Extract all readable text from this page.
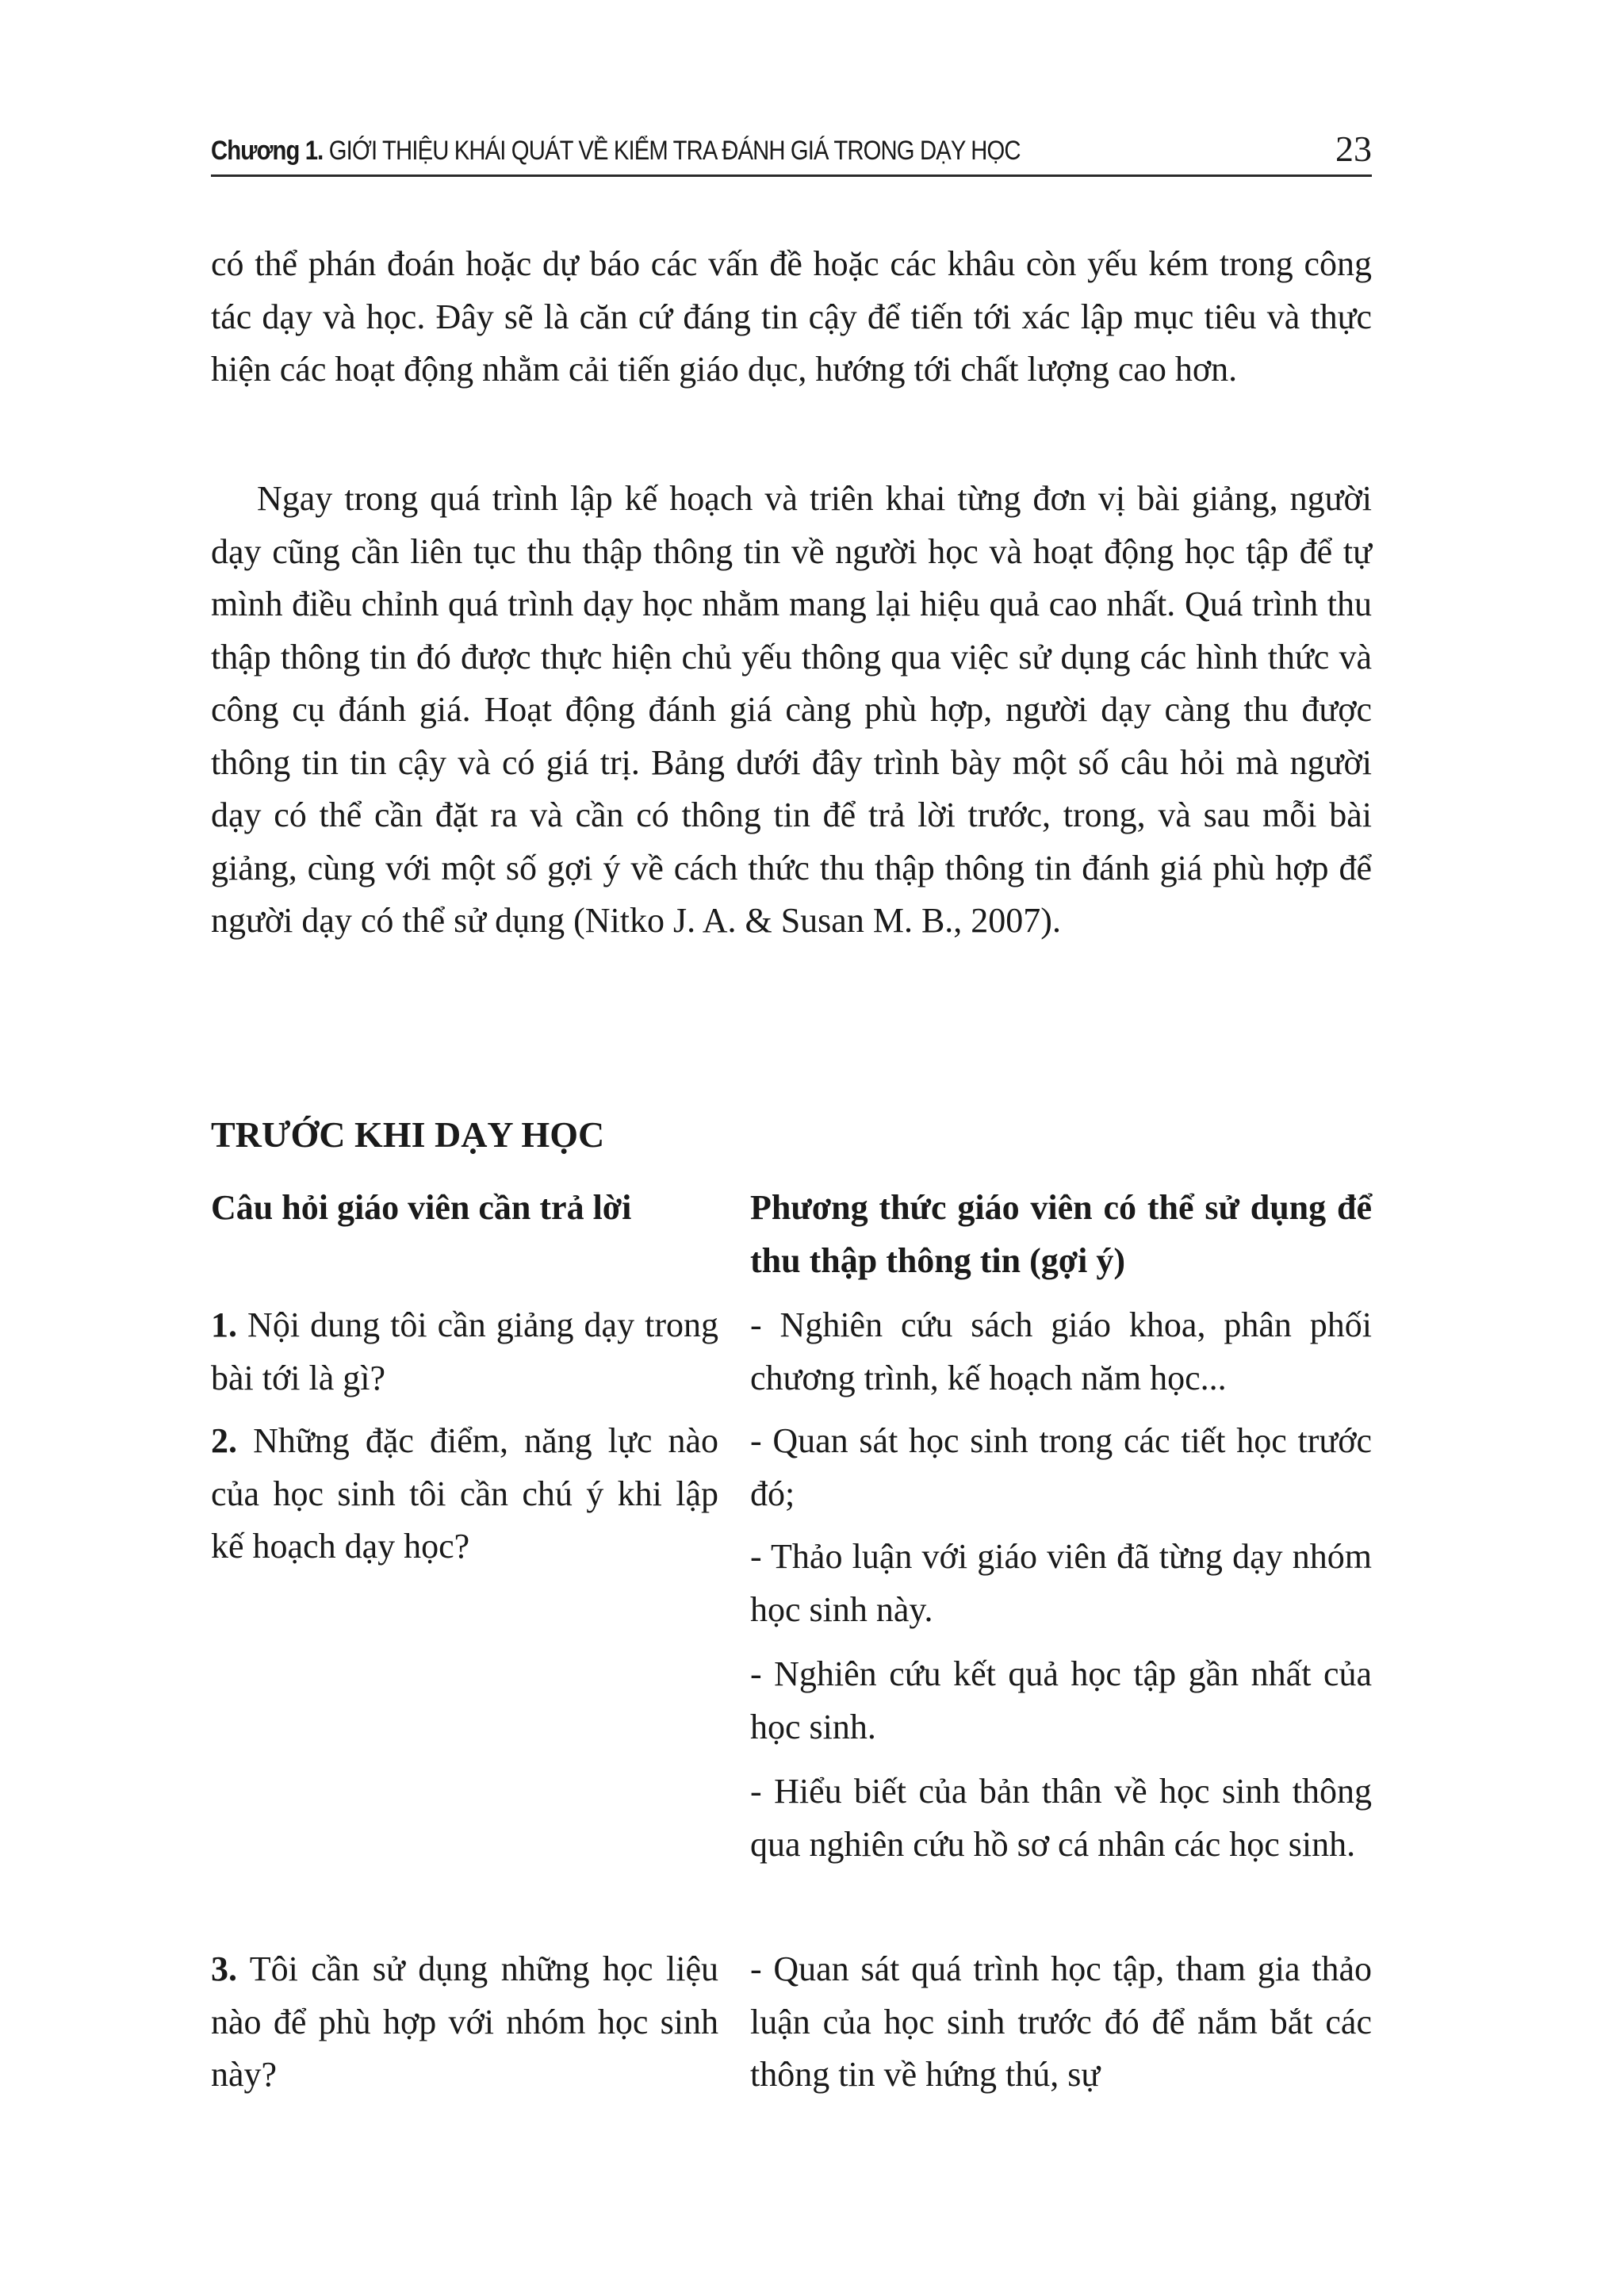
Chương 1. GIỚI THIỆU KHÁI QUÁT VỀ KIỂM TRA ĐÁNH GIÁ TRONG DẠY HỌC	23

có thể phán đoán hoặc dự báo các vấn đề hoặc các khâu còn yếu kém trong công tác dạy và học. Đây sẽ là căn cứ đáng tin cậy để tiến tới xác lập mục tiêu và thực hiện các hoạt động nhằm cải tiến giáo dục, hướng tới chất lượng cao hơn.

Ngay trong quá trình lập kế hoạch và triên khai từng đơn vị bài giảng, người dạy cũng cần liên tục thu thập thông tin về người học và hoạt động học tập để tự mình điều chỉnh quá trình dạy học nhằm mang lại hiệu quả cao nhất. Quá trình thu thập thông tin đó được thực hiện chủ yếu thông qua việc sử dụng các hình thức và công cụ đánh giá. Hoạt động đánh giá càng phù hợp, người dạy càng thu được thông tin tin cậy và có giá trị. Bảng dưới đây trình bày một số câu hỏi mà người dạy có thể cần đặt ra và cần có thông tin để trả lời trước, trong, và sau mỗi bài giảng, cùng với một số gợi ý về cách thức thu thập thông tin đánh giá phù hợp để người dạy có thể sử dụng (Nitko J. A. & Susan M. B., 2007).

TRƯỚC KHI DẠY HỌC
Câu hỏi giáo viên cần trả lời	Phương thức giáo viên có thể sử dụng để thu thập thông tin (gợi ý)
1. Nội dung tôi cần giảng dạy trong bài tới là gì?
- Nghiên cứu sách giáo khoa, phân phối chương trình, kế hoạch năm học...
2. Những đặc điểm, năng lực nào của học sinh tôi cần chú ý khi lập kế hoạch dạy học?
- Quan sát học sinh trong các tiết học trước đó;
- Thảo luận với giáo viên đã từng dạy nhóm học sinh này.
- Nghiên cứu kết quả học tập gần nhất của học sinh.
- Hiểu biết của bản thân về học sinh thông qua nghiên cứu hồ sơ cá nhân các học sinh.
3. Tôi cần sử dụng những học liệu nào để phù hợp với nhóm học sinh này?
- Quan sát quá trình học tập, tham gia thảo luận của học sinh trước đó để nắm bắt các thông tin về hứng thú, sự
